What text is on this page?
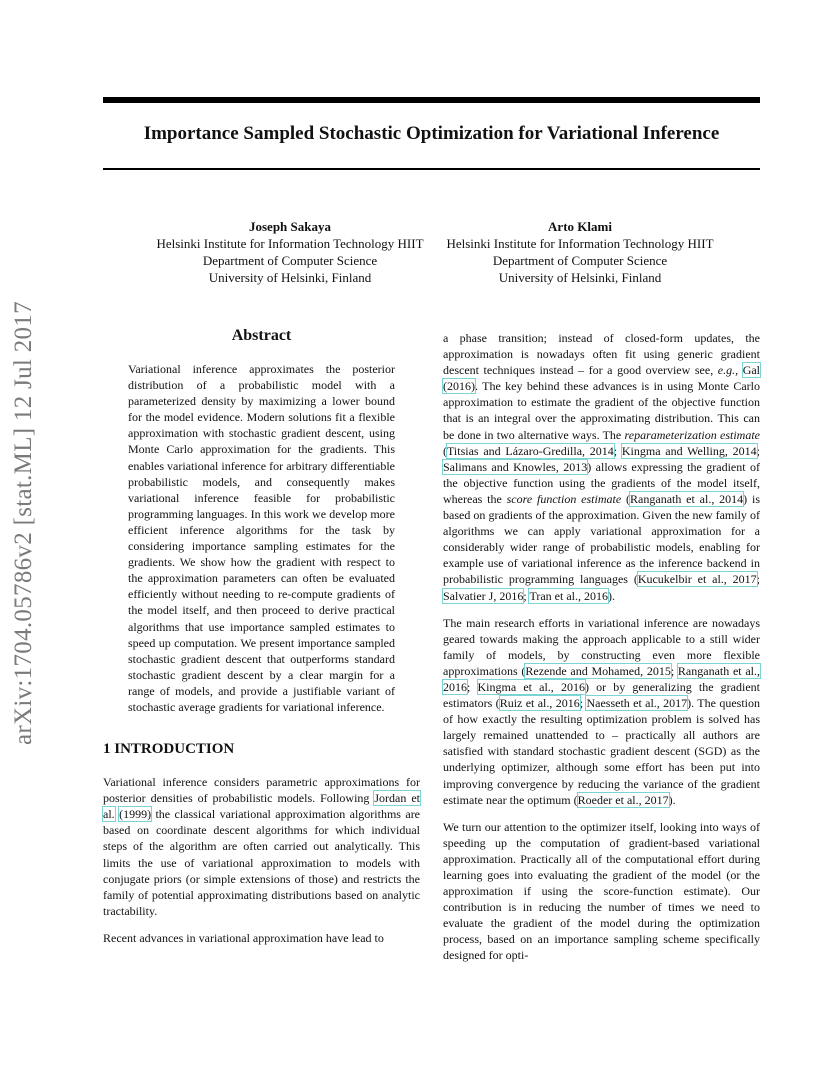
Importance Sampled Stochastic Optimization for Variational Inference
Joseph Sakaya
Helsinki Institute for Information Technology HIIT
Department of Computer Science
University of Helsinki, Finland
Arto Klami
Helsinki Institute for Information Technology HIIT
Department of Computer Science
University of Helsinki, Finland
arXiv:1704.05786v2 [stat.ML] 12 Jul 2017	Abstract

Variational inference approximates the posterior distribution of a probabilistic model with a parameterized density by maximizing a lower bound for the model evidence. Modern solutions fit a flexible approximation with stochastic gradient descent, using Monte Carlo approximation for the gradients. This enables variational inference for arbitrary differentiable probabilistic models, and consequently makes variational inference feasible for probabilistic programming languages. In this work we develop more efficient inference algorithms for the task by considering importance sampling estimates for the gradients. We show how the gradient with respect to the approximation parameters can often be evaluated efficiently without needing to re-compute gradients of the model itself, and then proceed to derive practical algorithms that use importance sampled estimates to speed up computation. We present importance sampled stochastic gradient descent that outperforms standard stochastic gradient descent by a clear margin for a range of models, and provide a justifiable variant of stochastic average gradients for variational inference.

1 INTRODUCTION

Variational inference considers parametric approximations for posterior densities of probabilistic models. Following Jordan et al. (1999) the classical variational approximation algorithms are based on coordinate descent algorithms for which individual steps of the algorithm are often carried out analytically. This limits the use of variational approximation to models with conjugate priors (or simple extensions of those) and restricts the family of potential approximating distributions based on analytic tractability.

Recent advances in variational approximation have lead to

a phase transition; instead of closed-form updates, the approximation is nowadays often fit using generic gradient descent techniques instead – for a good overview see, e.g., Gal (2016). The key behind these advances is in using Monte Carlo approximation to estimate the gradient of the objective function that is an integral over the approximating distribution. This can be done in two alternative ways. The reparameterization estimate (Titsias and Lázaro-Gredilla, 2014; Kingma and Welling, 2014; Salimans and Knowles, 2013) allows expressing the gradient of the objective function using the gradients of the model itself, whereas the score function estimate (Ranganath et al., 2014) is based on gradients of the approximation. Given the new family of algorithms we can apply variational approximation for a considerably wider range of probabilistic models, enabling for example use of variational inference as the inference backend in probabilistic programming languages (Kucukelbir et al., 2017; Salvatier J, 2016; Tran et al., 2016).

The main research efforts in variational inference are nowadays geared towards making the approach applicable to a still wider family of models, by constructing even more flexible approximations (Rezende and Mohamed, 2015; Ranganath et al., 2016; Kingma et al., 2016) or by generalizing the gradient estimators (Ruiz et al., 2016; Naesseth et al., 2017). The question of how exactly the resulting optimization problem is solved has largely remained unattended to – practically all authors are satisfied with standard stochastic gradient descent (SGD) as the underlying optimizer, although some effort has been put into improving convergence by reducing the variance of the gradient estimate near the optimum (Roeder et al., 2017).

We turn our attention to the optimizer itself, looking into ways of speeding up the computation of gradient-based variational approximation. Practically all of the computational effort during learning goes into evaluating the gradient of the model (or the approximation if using the score-function estimate). Our contribution is in reducing the number of times we need to evaluate the gradient of the model during the optimization process, based on an importance sampling scheme specifically designed for opti-
